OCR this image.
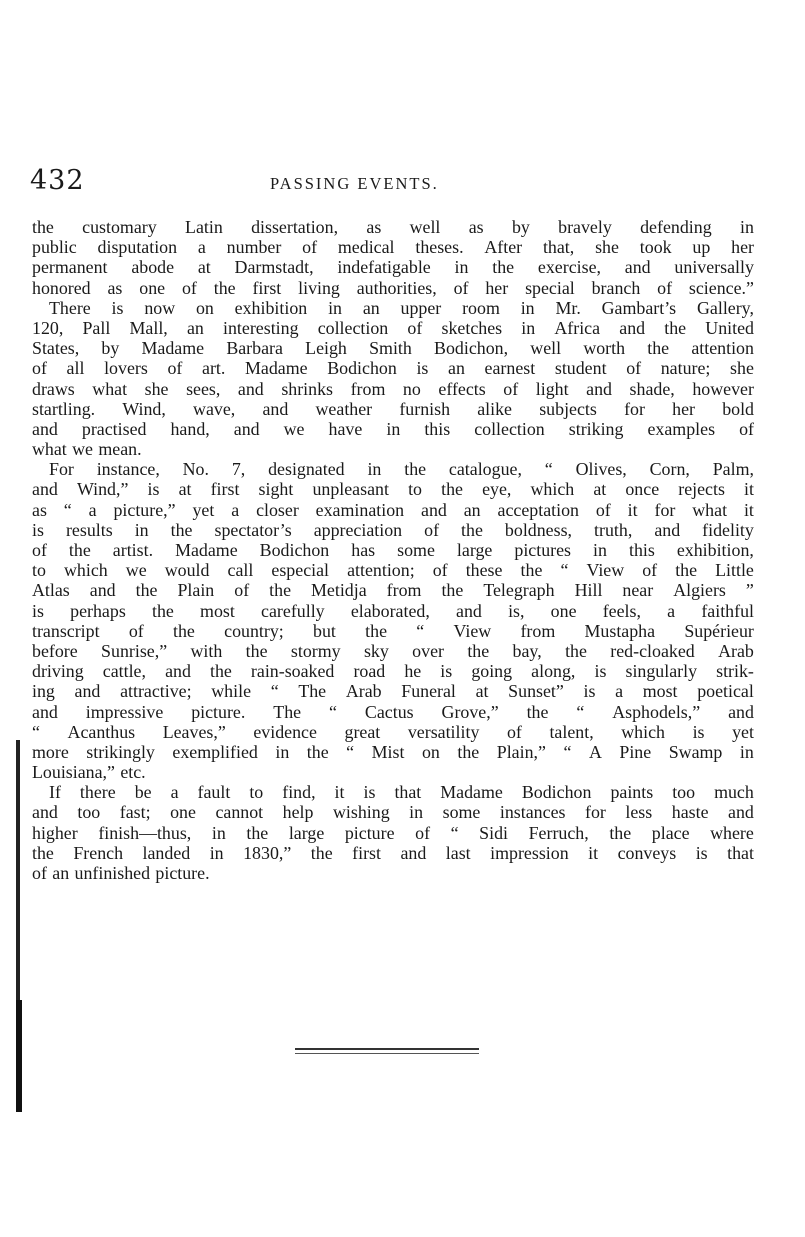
432	PASSING EVENTS.
the customary Latin dissertation, as well as by bravely defending in
public disputation a number of medical theses. After that, she took up her
permanent abode at Darmstadt, indefatigable in the exercise, and universally
honored as one of the first living authorities, of her special branch of science.”
There is now on exhibition in an upper room in Mr. Gambart’s Gallery,
120, Pall Mall, an interesting collection of sketches in Africa and the United
States, by Madame Barbara Leigh Smith Bodichon, well worth the attention
of all lovers of art. Madame Bodichon is an earnest student of nature; she
draws what she sees, and shrinks from no effects of light and shade, however
startling. Wind, wave, and weather furnish alike subjects for her bold
and practised hand, and we have in this collection striking examples of
what we mean.
For instance, No. 7, designated in the catalogue, “ Olives, Corn, Palm,
and Wind,” is at first sight unpleasant to the eye, which at once rejects it
as “ a picture,” yet a closer examination and an acceptation of it for what it
is results in the spectator’s appreciation of the boldness, truth, and fidelity
of the artist. Madame Bodichon has some large pictures in this exhibition,
to which we would call especial attention; of these the “ View of the Little
Atlas and the Plain of the Metidja from the Telegraph Hill near Algiers ”
is perhaps the most carefully elaborated, and is, one feels, a faithful
transcript of the country; but the “ View from Mustapha Supérieur
before Sunrise,” with the stormy sky over the bay, the red-cloaked Arab
driving cattle, and the rain-soaked road he is going along, is singularly strik-
ing and attractive; while “ The Arab Funeral at Sunset” is a most poetical
and impressive picture. The “ Cactus Grove,” the “ Asphodels,” and
“ Acanthus Leaves,” evidence great versatility of talent, which is yet
more strikingly exemplified in the “ Mist on the Plain,” “ A Pine Swamp in
Louisiana,” etc.
If there be a fault to find, it is that Madame Bodichon paints too much
and too fast; one cannot help wishing in some instances for less haste and
higher finish—thus, in the large picture of “ Sidi Ferruch, the place where
the French landed in 1830,” the first and last impression it conveys is that
of an unfinished picture.
